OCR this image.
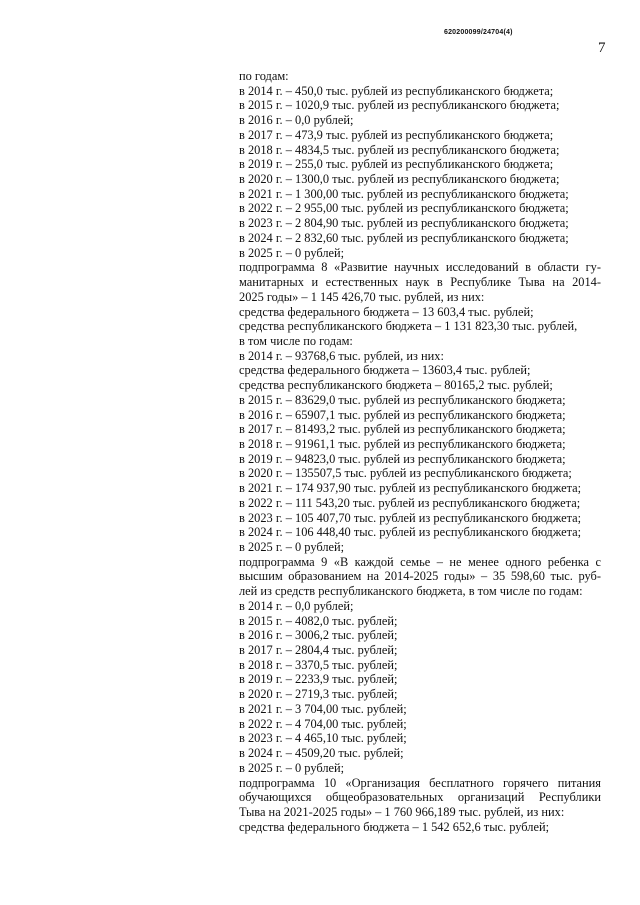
620200099/24704(4)
7
по годам:
в 2014 г. – 450,0 тыс. рублей из республиканского бюджета;
в 2015 г. – 1020,9 тыс. рублей из республиканского бюджета;
в 2016 г. – 0,0 рублей;
в 2017 г. – 473,9 тыс. рублей из республиканского бюджета;
в 2018 г. – 4834,5 тыс. рублей из республиканского бюджета;
в 2019 г. – 255,0 тыс. рублей из республиканского бюджета;
в 2020 г. – 1300,0 тыс. рублей из республиканского бюджета;
в 2021 г. – 1 300,00 тыс. рублей из республиканского бюджета;
в 2022 г. – 2 955,00 тыс. рублей из республиканского бюджета;
в 2023 г. – 2 804,90 тыс. рублей из республиканского бюджета;
в 2024 г. – 2 832,60 тыс. рублей из республиканского бюджета;
в 2025 г. – 0 рублей;
подпрограмма 8 «Развитие научных исследований в области гу-
манитарных и естественных наук в Республике Тыва на 2014-
2025 годы» – 1 145 426,70 тыс. рублей, из них:
средства федерального бюджета – 13 603,4 тыс. рублей;
средства республиканского бюджета – 1 131 823,30 тыс. рублей,
в том числе по годам:
в 2014 г. – 93768,6 тыс. рублей, из них:
средства федерального бюджета – 13603,4 тыс. рублей;
средства республиканского бюджета – 80165,2 тыс. рублей;
в 2015 г. – 83629,0 тыс. рублей из республиканского бюджета;
в 2016 г. – 65907,1 тыс. рублей из республиканского бюджета;
в 2017 г. – 81493,2 тыс. рублей из республиканского бюджета;
в 2018 г. – 91961,1 тыс. рублей из республиканского бюджета;
в 2019 г. – 94823,0 тыс. рублей из республиканского бюджета;
в 2020 г. – 135507,5 тыс. рублей из республиканского бюджета;
в 2021 г. – 174 937,90 тыс. рублей из республиканского бюджета;
в 2022 г. – 111 543,20 тыс. рублей из республиканского бюджета;
в 2023 г. – 105 407,70 тыс. рублей из республиканского бюджета;
в 2024 г. – 106 448,40 тыс. рублей из республиканского бюджета;
в 2025 г. – 0 рублей;
подпрограмма 9 «В каждой семье – не менее одного ребенка с
высшим образованием на 2014-2025 годы» – 35 598,60 тыс. руб-
лей из средств республиканского бюджета, в том числе по годам:
в 2014 г. – 0,0 рублей;
в 2015 г. – 4082,0 тыс. рублей;
в 2016 г. – 3006,2 тыс. рублей;
в 2017 г. – 2804,4 тыс. рублей;
в 2018 г. – 3370,5 тыс. рублей;
в 2019 г. – 2233,9 тыс. рублей;
в 2020 г. – 2719,3 тыс. рублей;
в 2021 г. – 3 704,00 тыс. рублей;
в 2022 г. – 4 704,00 тыс. рублей;
в 2023 г. – 4 465,10 тыс. рублей;
в 2024 г. – 4509,20 тыс. рублей;
в 2025 г. – 0 рублей;
подпрограмма 10 «Организация бесплатного горячего питания
обучающихся общеобразовательных организаций Республики
Тыва на 2021-2025 годы» – 1 760 966,189 тыс. рублей, из них:
средства федерального бюджета – 1 542 652,6 тыс. рублей;
